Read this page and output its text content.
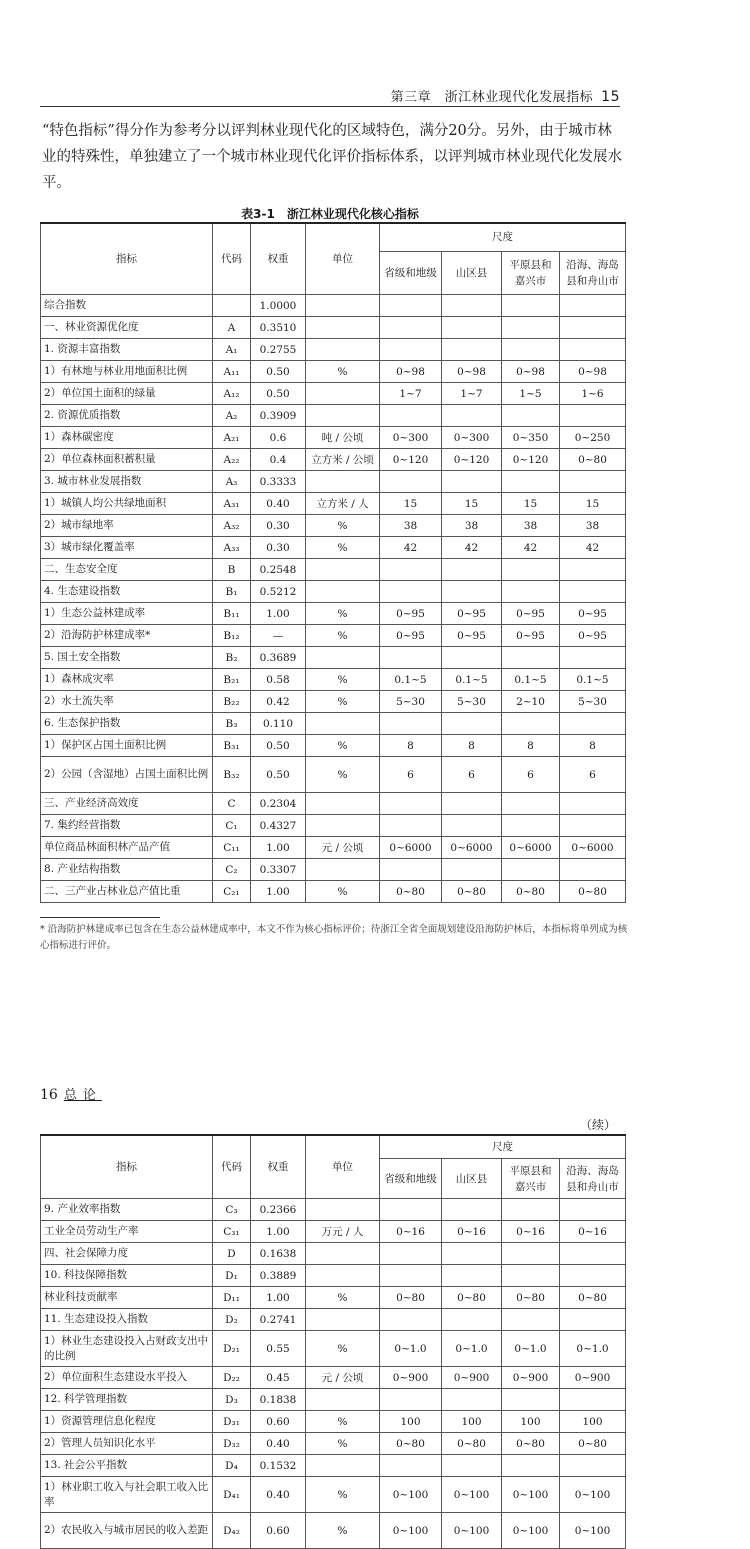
第三章　浙江林业现代化发展指标 15
“特色指标”得分作为参考分以评判林业现代化的区域特色，满分20分。另外，由于城市林业的特殊性，单独建立了一个城市林业现代化评价指标体系，以评判城市林业现代化发展水平。
表3-1　浙江林业现代化核心指标
指标	代码	权重	单位	尺度			
				省级和地级	山区县	平原县和嘉兴市	沿海、海岛县和舟山市
综合指数		1.0000					
一、林业资源优化度	A	0.3510					
1. 资源丰富指数	A₁	0.2755					
1）有林地与林业用地面积比例	A₁₁	0.50	%	0~98	0~98	0~98	0~98
2）单位国土面积的绿量	A₁₂	0.50		1~7	1~7	1~5	1~6
2. 资源优质指数	A₂	0.3909					
1）森林碳密度	A₂₁	0.6	吨 / 公顷	0~300	0~300	0~350	0~250
2）单位森林面积蓄积量	A₂₂	0.4	立方米 / 公顷	0~120	0~120	0~120	0~80
3. 城市林业发展指数	A₃	0.3333					
1）城镇人均公共绿地面积	A₃₁	0.40	立方米 / 人	15	15	15	15
2）城市绿地率	A₃₂	0.30	%	38	38	38	38
3）城市绿化覆盖率	A₃₃	0.30	%	42	42	42	42
二、生态安全度	B	0.2548					
4. 生态建设指数	B₁	0.5212					
1）生态公益林建成率	B₁₁	1.00	%	0~95	0~95	0~95	0~95
2）沿海防护林建成率*	B₁₂	—	%	0~95	0~95	0~95	0~95
5. 国土安全指数	B₂	0.3689					
1）森林成灾率	B₂₁	0.58	%	0.1~5	0.1~5	0.1~5	0.1~5
2）水土流失率	B₂₂	0.42	%	5~30	5~30	2~10	5~30
6. 生态保护指数	B₃	0.110					
1）保护区占国土面积比例	B₃₁	0.50	%	8	8	8	8
2）公园（含湿地）占国土面积比例	B₃₂	0.50	%	6	6	6	6
三、产业经济高效度	C	0.2304					
7. 集约经营指数	C₁	0.4327					
单位商品林面积林产品产值	C₁₁	1.00	元 / 公顷	0~6000	0~6000	0~6000	0~6000
8. 产业结构指数	C₂	0.3307					
二、三产业占林业总产值比重	C₂₁	1.00	%	0~80	0~80	0~80	0~80
* 沿海防护林建成率已包含在生态公益林建成率中，本文不作为核心指标评价；待浙江全省全面规划建设沿海防护林后，本指标将单列成为核心指标进行评价。
16 总论
（续）
指标	代码	权重	单位	尺度			
				省级和地级	山区县	平原县和嘉兴市	沿海、海岛县和舟山市
9. 产业效率指数	C₃	0.2366					
工业全员劳动生产率	C₃₁	1.00	万元 / 人	0~16	0~16	0~16	0~16
四、社会保障力度	D	0.1638					
10. 科技保障指数	D₁	0.3889					
林业科技贡献率	D₁₁	1.00	%	0~80	0~80	0~80	0~80
11. 生态建设投入指数	D₂	0.2741					
1）林业生态建设投入占财政支出中的比例	D₂₁	0.55	%	0~1.0	0~1.0	0~1.0	0~1.0
2）单位面积生态建设水平投入	D₂₂	0.45	元 / 公顷	0~900	0~900	0~900	0~900
12. 科学管理指数	D₃	0.1838					
1）资源管理信息化程度	D₃₁	0.60	%	100	100	100	100
2）管理人员知识化水平	D₃₂	0.40	%	0~80	0~80	0~80	0~80
13. 社会公平指数	D₄	0.1532					
1）林业职工收入与社会职工收入比率	D₄₁	0.40	%	0~100	0~100	0~100	0~100
2）农民收入与城市居民的收入差距	D₄₂	0.60	%	0~100	0~100	0~100	0~100
